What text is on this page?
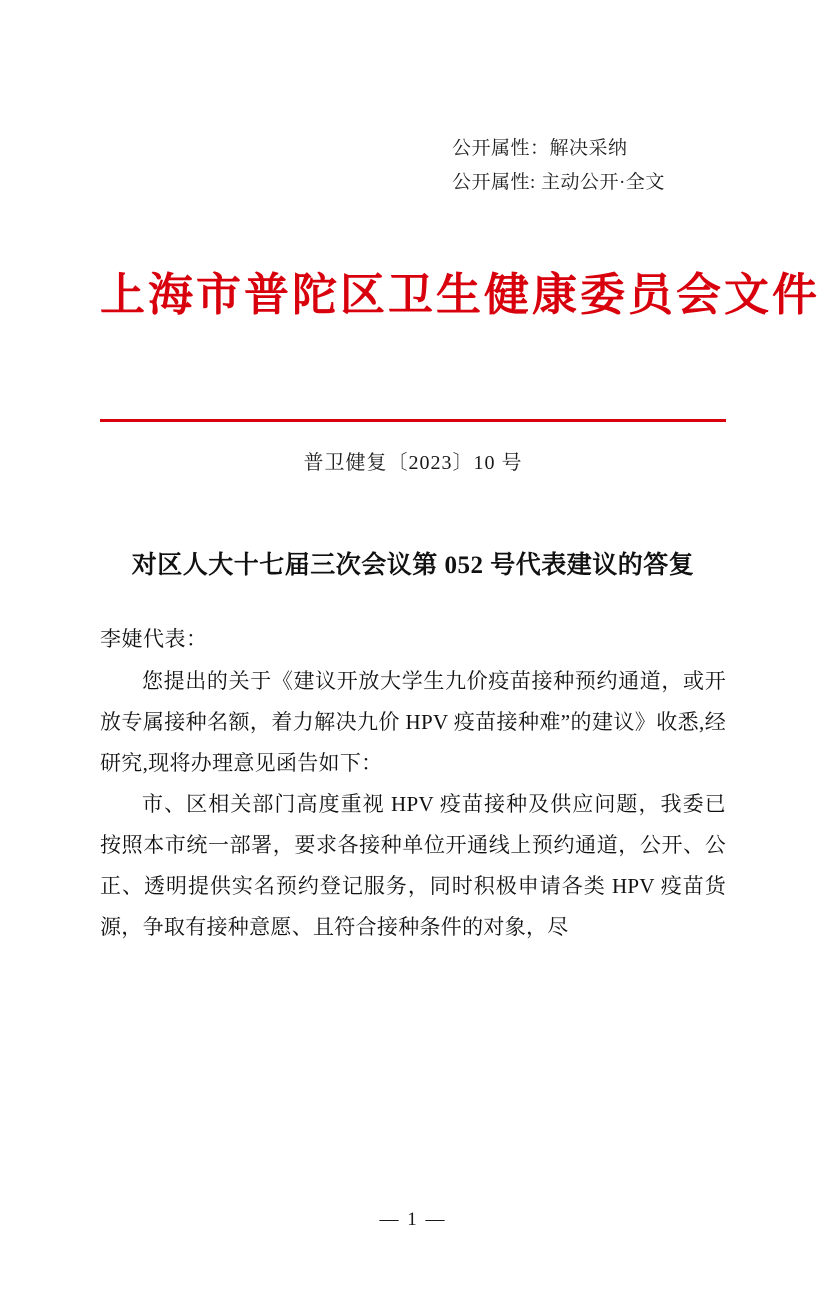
公开属性：解决采纳
公开属性: 主动公开·全文
上海市普陀区卫生健康委员会文件
普卫健复〔2023〕10 号
对区人大十七届三次会议第 052 号代表建议的答复
李婕代表：

您提出的关于《建议开放大学生九价疫苗接种预约通道，或开放专属接种名额，着力解决九价 HPV 疫苗接种难”的建议》收悉,经研究,现将办理意见函告如下：

市、区相关部门高度重视 HPV 疫苗接种及供应问题，我委已按照本市统一部署，要求各接种单位开通线上预约通道，公开、公正、透明提供实名预约登记服务，同时积极申请各类 HPV 疫苗货源，争取有接种意愿、且符合接种条件的对象，尽

— 1 —
